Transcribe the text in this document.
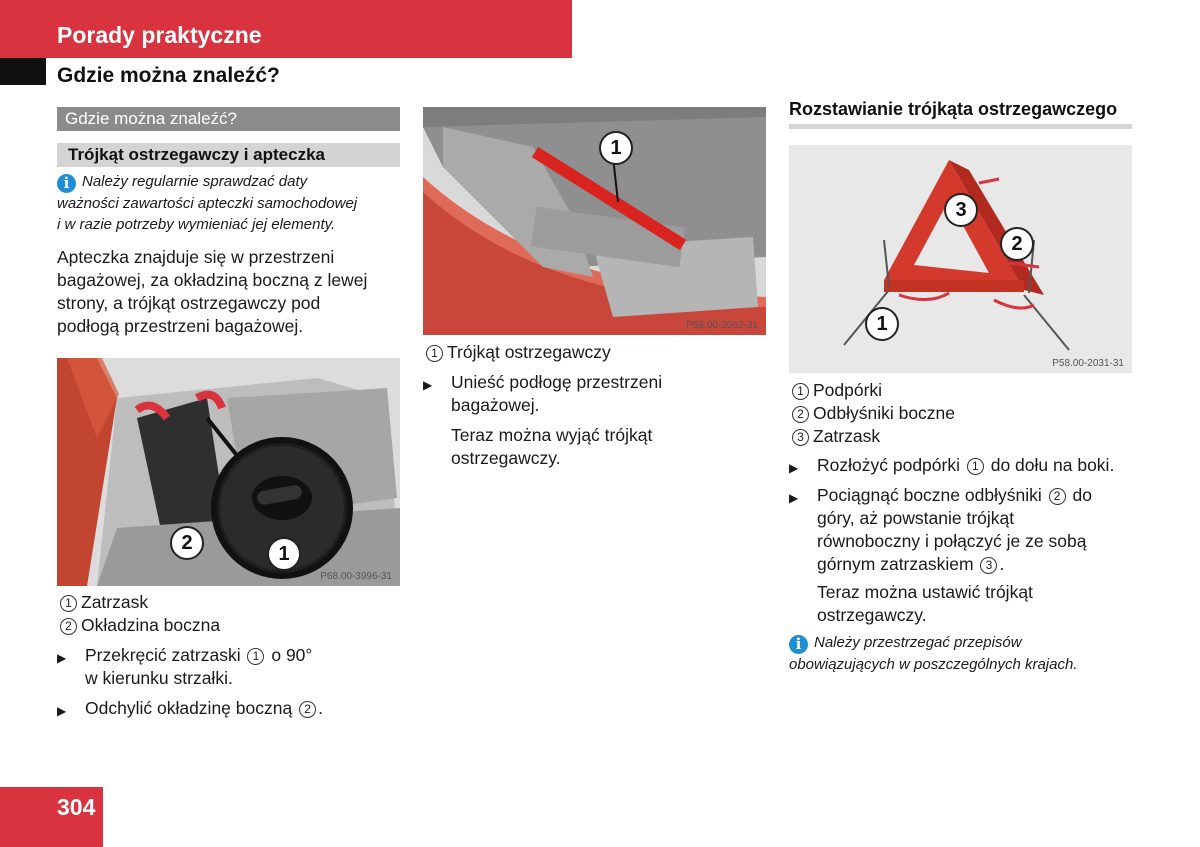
Porady praktyczne
Gdzie można znaleźć?
Gdzie można znaleźć?
Trójkąt ostrzegawczy i apteczka
i Należy regularnie sprawdzać daty
ważności zawartości apteczki samochodowej
i w razie potrzeby wymieniać jej elementy.
Apteczka znajduje się w przestrzeni
bagażowej, za okładziną boczną z lewej
strony, a trójkąt ostrzegawczy pod
podłogą przestrzeni bagażowej.
2	1
P68.00-3996-31
1 Zatrzask
2 Okładzina boczna
▶ Przekręcić zatrzaski 1 o 90°
w kierunku strzałki.
▶ Odchylić okładzinę boczną 2 .
1
P58.00-2062-31
1 Trójkąt ostrzegawczy
▶ Unieść podłogę przestrzeni
bagażowej.
Teraz można wyjąć trójkąt
ostrzegawczy.
Rozstawianie trójkąta ostrzegawczego
3
2
1
P58.00-2031-31
1 Podpórki
2 Odbłyśniki boczne
3 Zatrzask
▶ Rozłożyć podpórki 1 do dołu na boki.
▶ Pociągnąć boczne odbłyśniki 2 do
góry, aż powstanie trójkąt
równoboczny i połączyć je ze sobą
górnym zatrzaskiem 3 .
Teraz można ustawić trójkąt
ostrzegawczy.
i Należy przestrzegać przepisów
obowiązujących w poszczególnych krajach.
304
